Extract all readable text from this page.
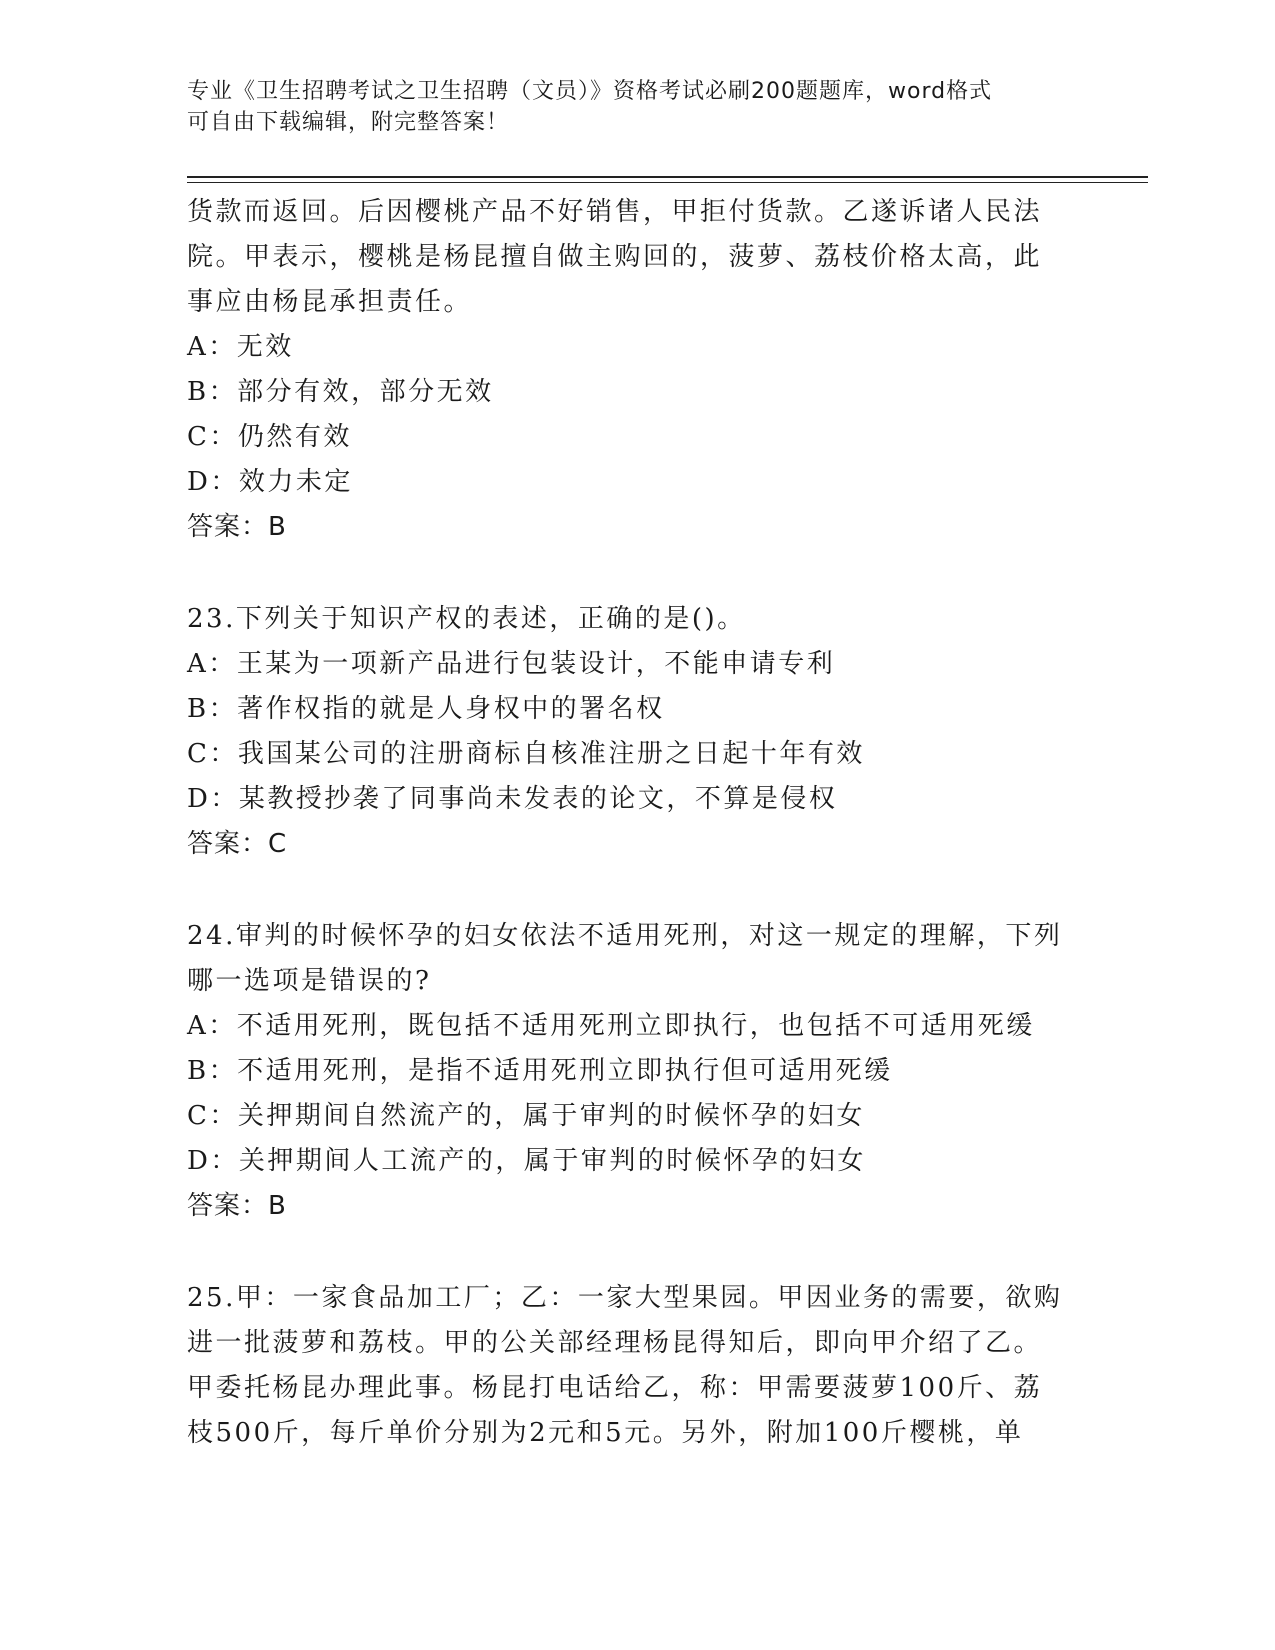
专业《卫生招聘考试之卫生招聘（文员）》资格考试必刷200题题库，word格式
可自由下载编辑，附完整答案！
货款而返回。后因樱桃产品不好销售，甲拒付货款。乙遂诉诸人民法
院。甲表示，樱桃是杨昆擅自做主购回的，菠萝、荔枝价格太高，此
事应由杨昆承担责任。
A：无效
B：部分有效，部分无效
C：仍然有效
D：效力未定
答案：B
23.下列关于知识产权的表述，正确的是()。
A：王某为一项新产品进行包装设计，不能申请专利
B：著作权指的就是人身权中的署名权
C：我国某公司的注册商标自核准注册之日起十年有效
D：某教授抄袭了同事尚未发表的论文，不算是侵权
答案：C
24.审判的时候怀孕的妇女依法不适用死刑，对这一规定的理解，下列
哪一选项是错误的?
A：不适用死刑，既包括不适用死刑立即执行，也包括不可适用死缓
B：不适用死刑，是指不适用死刑立即执行但可适用死缓
C：关押期间自然流产的，属于审判的时候怀孕的妇女
D：关押期间人工流产的，属于审判的时候怀孕的妇女
答案：B
25.甲：一家食品加工厂；乙：一家大型果园。甲因业务的需要，欲购
进一批菠萝和荔枝。甲的公关部经理杨昆得知后，即向甲介绍了乙。
甲委托杨昆办理此事。杨昆打电话给乙，称：甲需要菠萝100斤、荔
枝500斤，每斤单价分别为2元和5元。另外，附加100斤樱桃，单
